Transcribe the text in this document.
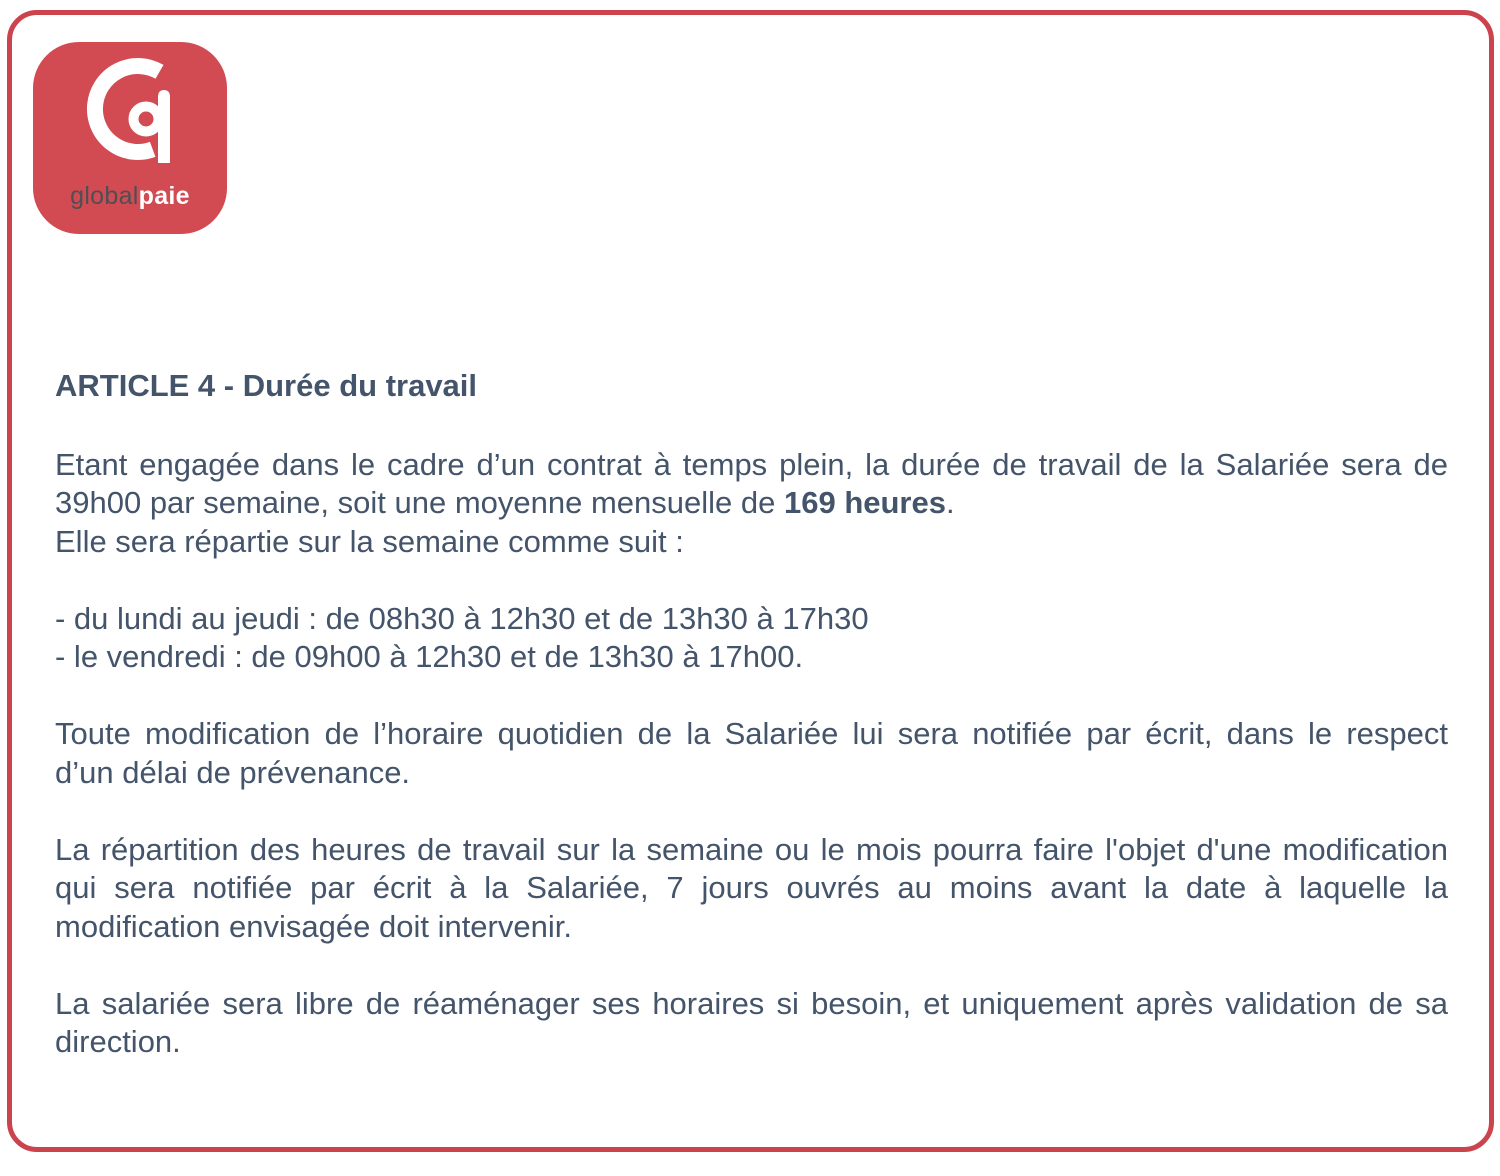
globalpaie
ARTICLE 4 - Durée du travail
Etant engagée dans le cadre d’un contrat à temps plein, la durée de travail de la Salariée sera de
39h00 par semaine, soit une moyenne mensuelle de 169 heures.
Elle sera répartie sur la semaine comme suit :
- du lundi au jeudi : de 08h30 à 12h30 et de 13h30 à 17h30
- le vendredi : de 09h00 à 12h30 et de 13h30 à 17h00.
Toute modification de l’horaire quotidien de la Salariée lui sera notifiée par écrit, dans le respect
d’un délai de prévenance.
La répartition des heures de travail sur la semaine ou le mois pourra faire l'objet d'une modification
qui sera notifiée par écrit à la Salariée, 7 jours ouvrés au moins avant la date à laquelle la
modification envisagée doit intervenir.
La salariée sera libre de réaménager ses horaires si besoin, et uniquement après validation de sa
direction.
